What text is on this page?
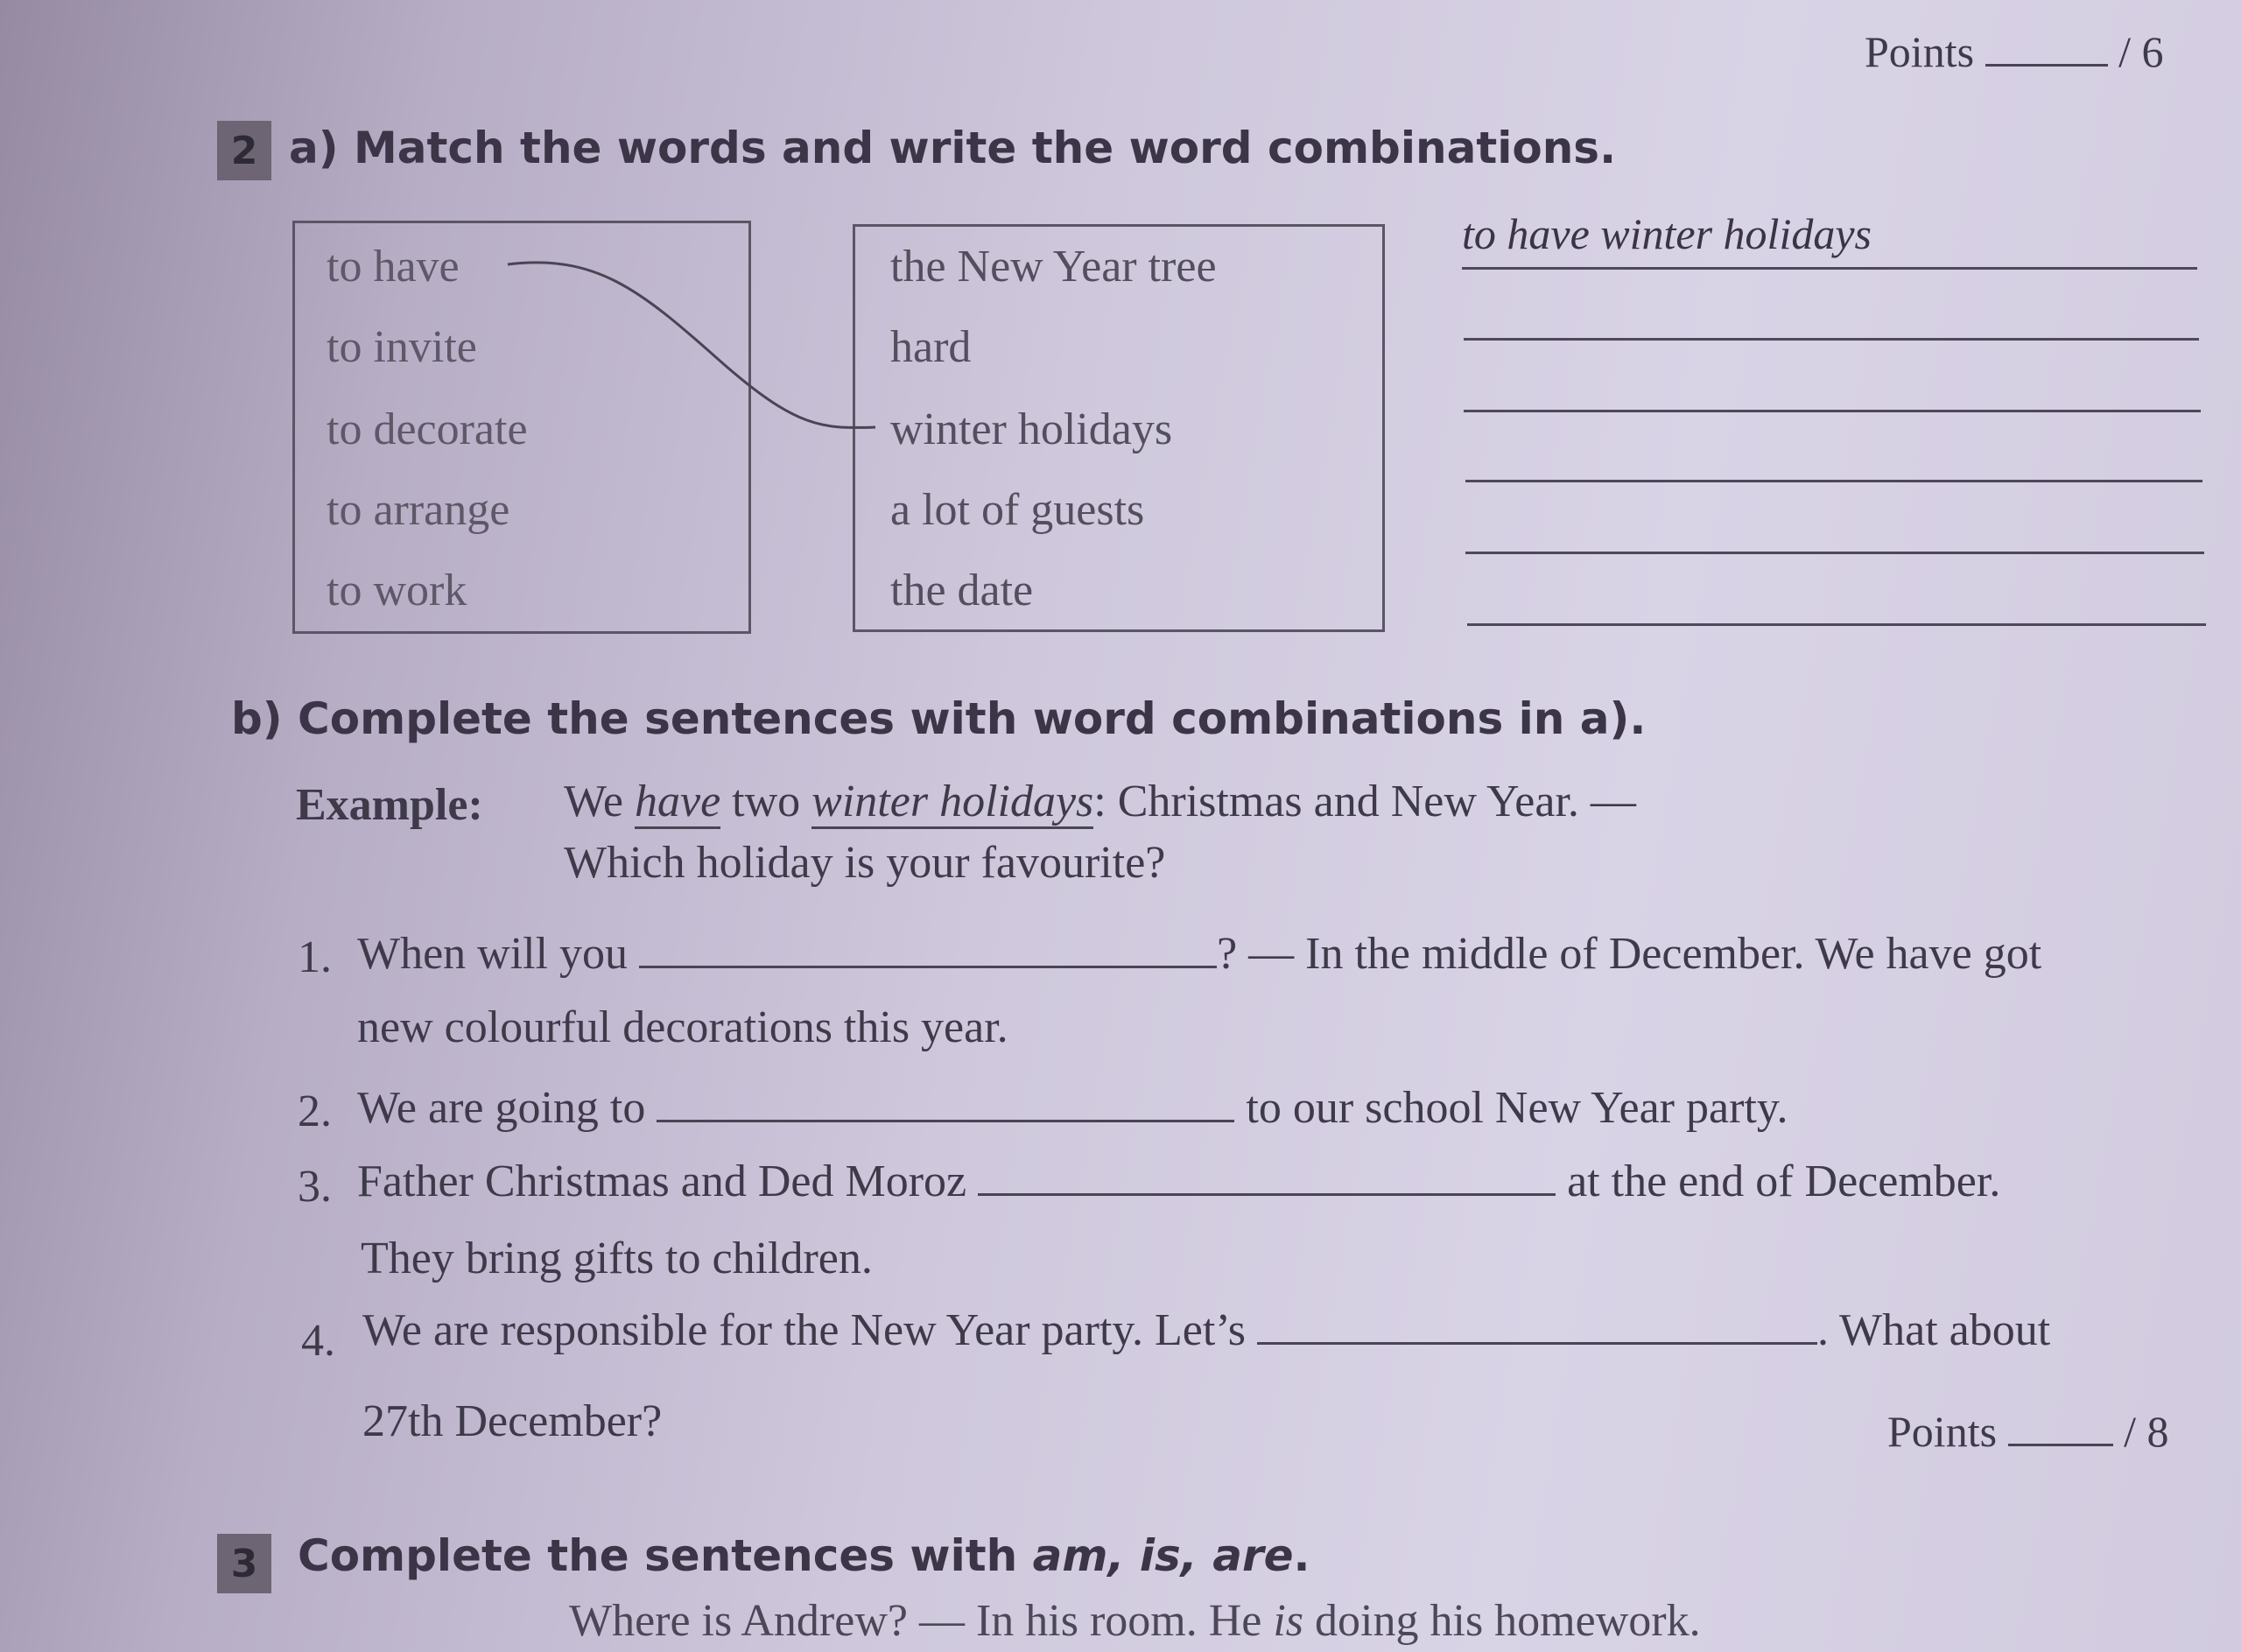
Points	/ 6
2 a) Match the words and write the word combinations.
to have
to invite
to decorate
to arrange
to work
the New Year tree
hard
winter holidays
a lot of guests
the date
to have winter holidays
b) Complete the sentences with word combinations in a).
Example: We have two winter holidays: Christmas and New Year. —
Which holiday is your favourite?
1. When will you	? — In the middle of December. We have got
new colourful decorations this year.
2. We are going to	to our school New Year party.
3. Father Christmas and Ded Moroz	at the end of December.
They bring gifts to children.
4. We are responsible for the New Year party. Let’s	. What about
27th December?	Points	/ 8
3 Complete the sentences with am, is, are.
Where is Andrew? — In his room. He is doing his homework.
